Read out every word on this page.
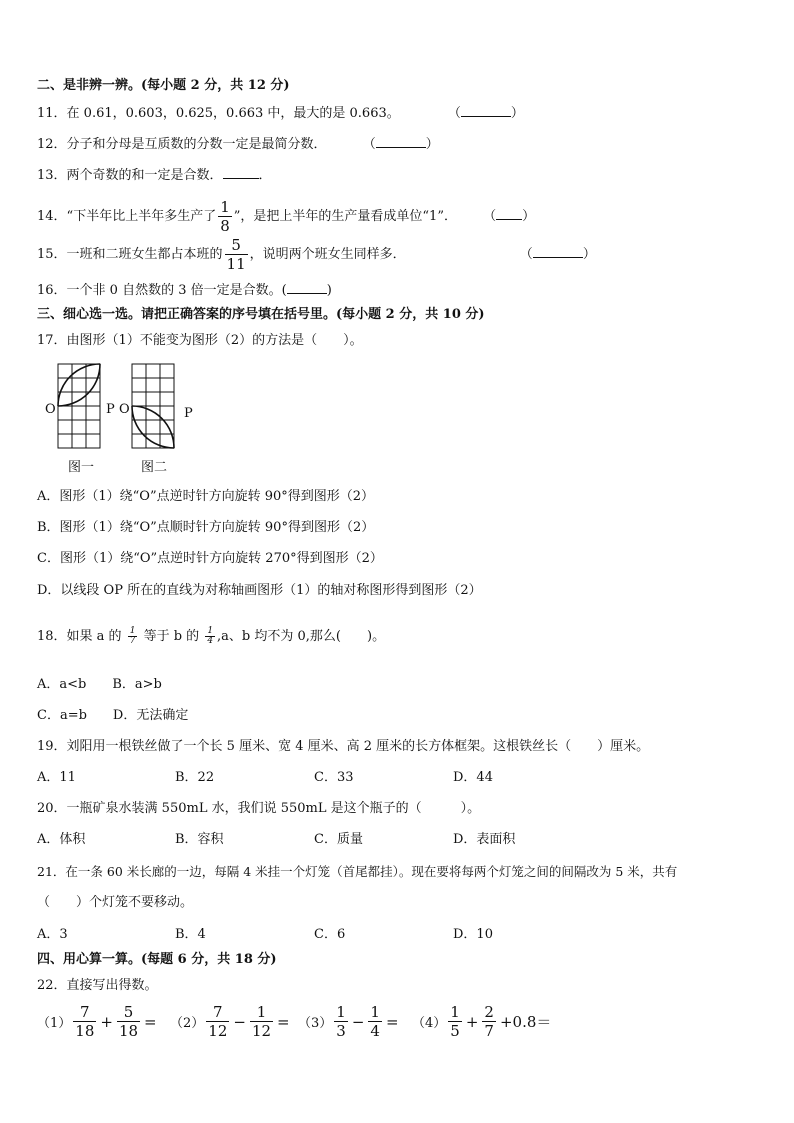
二、是非辨一辨。(每小题 2 分，共 12 分)
11．在 0.61，0.603，0.625，0.663 中，最大的是 0.663。	（	）
12．分子和分母是互质数的分数一定是最简分数．	（	）
13．两个奇数的和一定是合数．	．
14．“下半年比上半年多生产了 $\frac{1}{8}$ ”，是把上半年的生产量看成单位“1”． （ ）
15．一班和二班女生都占本班的 $\frac{5}{11}$ ，说明两个班女生同样多．	（	）
16．一个非 0 自然数的 3 倍一定是合数。(	)
三、细心选一选。请把正确答案的序号填在括号里。(每小题 2 分，共 10 分)
17．由图形（1）不能变为图形（2）的方法是（　　）。
O	P O	P
图一	图二
A．图形（1）绕“O”点逆时针方向旋转 90°得到图形（2）
B．图形（1）绕“O”点顺时针方向旋转 90°得到图形（2）
C．图形（1）绕“O”点逆时针方向旋转 270°得到图形（2）
D．以线段 OP 所在的直线为对称轴画图形（1）的轴对称图形得到图形（2）
18．如果 a 的 $\frac{1}{7}$ 等于 b 的 $\frac{1}{4} ,a$、b 均不为 0,那么(　　)。
A．a<b　　B．a>b
C．a=b　　D．无法确定
19．刘阳用一根铁丝做了一个长 5 厘米、宽 4 厘米、高 2 厘米的长方体框架。这根铁丝长（　　）厘米。
A．11	B．22	C．33	D．44
20．一瓶矿泉水装满 550mL 水，我们说 550mL 是这个瓶子的（　　　）。
A．体积	B．容积	C．质量	D．表面积
21．在一条 60 米长廊的一边，每隔 4 米挂一个灯笼（首尾都挂）。现在要将每两个灯笼之间的间隔改为 5 米，共有
（　　）个灯笼不要移动。
A．3	B．4	C．6	D．10
四、用心算一算。(每题 6 分，共 18 分)
22．直接写出得数。
$(1) \frac{7}{18} + \frac{5}{18} = (2) \frac{7}{12} - \frac{1}{12} = (3) \frac{1}{3} - \frac{1}{4} = (4) \frac{1}{5} + \frac{2}{7} +0.8=$
